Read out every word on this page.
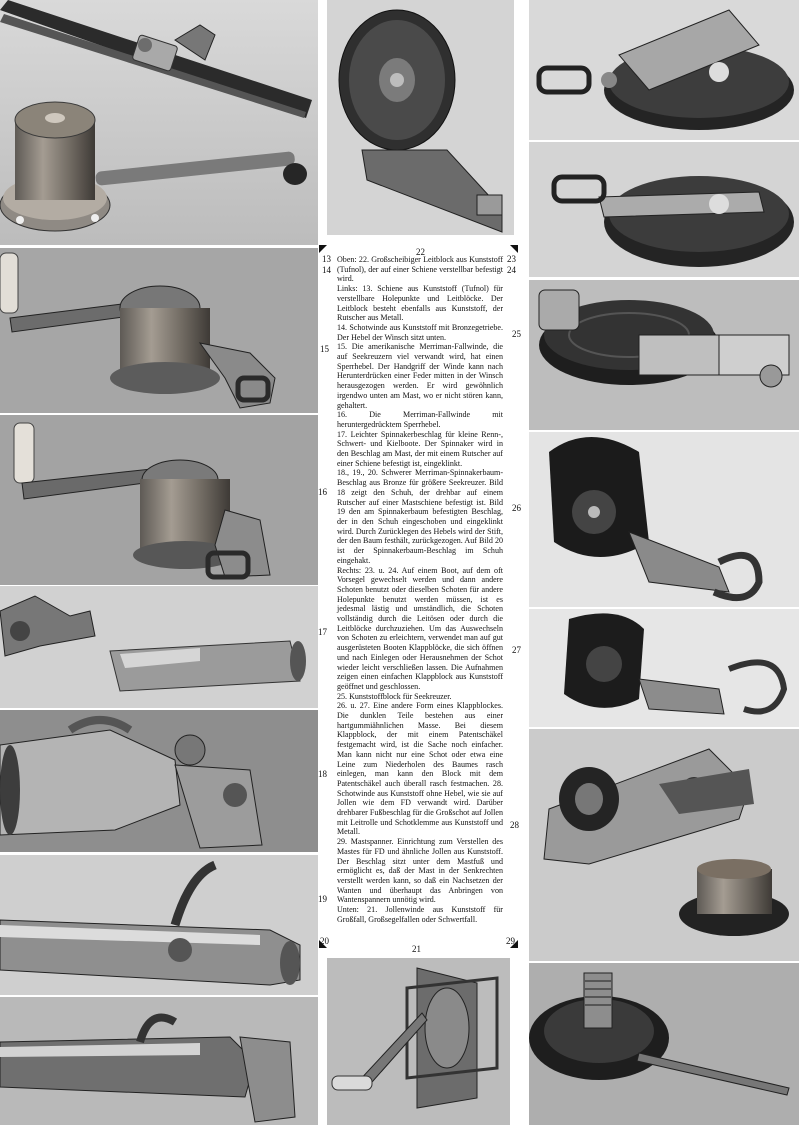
22
13	23
14	24
15
25
16
26
17
27
18
28
19
20	29
21

Oben: 22. Großscheibiger Leitblock aus Kunststoff (Tufnol), der auf einer Schiene verstellbar befestigt wird.

Links: 13. Schiene aus Kunststoff (Tufnol) für verstellbare Holepunkte und Leitblöcke. Der Leitblock besteht ebenfalls aus Kunststoff, der Rutscher aus Metall.

14. Schotwinde aus Kunststoff mit Bronzegetriebe. Der Hebel der Winsch sitzt unten.

15. Die amerikanische Merriman-Fallwinde, die auf Seekreuzern viel verwandt wird, hat einen Sperrhebel. Der Handgriff der Winde kann nach Herunterdrücken einer Feder mitten in der Winsch herausgezogen werden. Er wird gewöhnlich irgendwo unten am Mast, wo er nicht stören kann, gehaltert.

16. Die Merriman-Fallwinde mit heruntergedrücktem Sperrhebel.

17. Leichter Spinnakerbeschlag für kleine Renn-, Schwert- und Kielboote. Der Spinnaker wird in den Beschlag am Mast, der mit einem Rutscher auf einer Schiene befestigt ist, eingeklinkt.

18., 19., 20. Schwerer Merriman-Spinnakerbaum-Beschlag aus Bronze für größere Seekreuzer. Bild 18 zeigt den Schuh, der drehbar auf einem Rutscher auf einer Mastschiene befestigt ist. Bild 19 den am Spinnakerbaum befestigten Beschlag, der in den Schuh eingeschoben und eingeklinkt wird. Durch Zurücklegen des Hebels wird der Stift, der den Baum festhält, zurückgezogen. Auf Bild 20 ist der Spinnakerbaum-Beschlag im Schuh eingehakt.

Rechts: 23. u. 24. Auf einem Boot, auf dem oft Vorsegel gewechselt werden und dann andere Schoten benutzt oder dieselben Schoten für andere Holepunkte benutzt werden müssen, ist es jedesmal lästig und umständlich, die Schoten vollständig durch die Leitösen oder durch die Leitblöcke durchzuziehen. Um das Auswechseln von Schoten zu erleichtern, verwendet man auf gut ausgerüsteten Booten Klappblöcke, die sich öffnen und nach Einlegen oder Herausnehmen der Schot wieder leicht verschließen lassen. Die Aufnahmen zeigen einen einfachen Klappblock aus Kunststoff geöffnet und geschlossen.

25. Kunststoffblock für Seekreuzer.

26. u. 27. Eine andere Form eines Klappblockes. Die dunklen Teile bestehen aus einer hartgummiähnlichen Masse. Bei diesem Klappblock, der mit einem Patentschäkel festgemacht wird, ist die Sache noch einfacher. Man kann nicht nur eine Schot oder etwa eine Leine zum Niederholen des Baumes rasch einlegen, man kann den Block mit dem Patentschäkel auch überall rasch festmachen. 28. Schotwinde aus Kunststoff ohne Hebel, wie sie auf Jollen wie dem FD verwandt wird. Darüber drehbarer Fußbeschlag für die Großschot auf Jollen mit Leitrolle und Schotklemme aus Kunststoff und Metall.

29. Mastspanner. Einrichtung zum Verstellen des Mastes für FD und ähnliche Jollen aus Kunststoff. Der Beschlag sitzt unter dem Mastfuß und ermöglicht es, daß der Mast in der Senkrechten verstellt werden kann, so daß ein Nachsetzen der Wanten und überhaupt das Anbringen von Wantenspannern unnötig wird.

Unten: 21. Jollenwinde aus Kunststoff für Großfall, Großsegelfallen oder Schwertfall.
